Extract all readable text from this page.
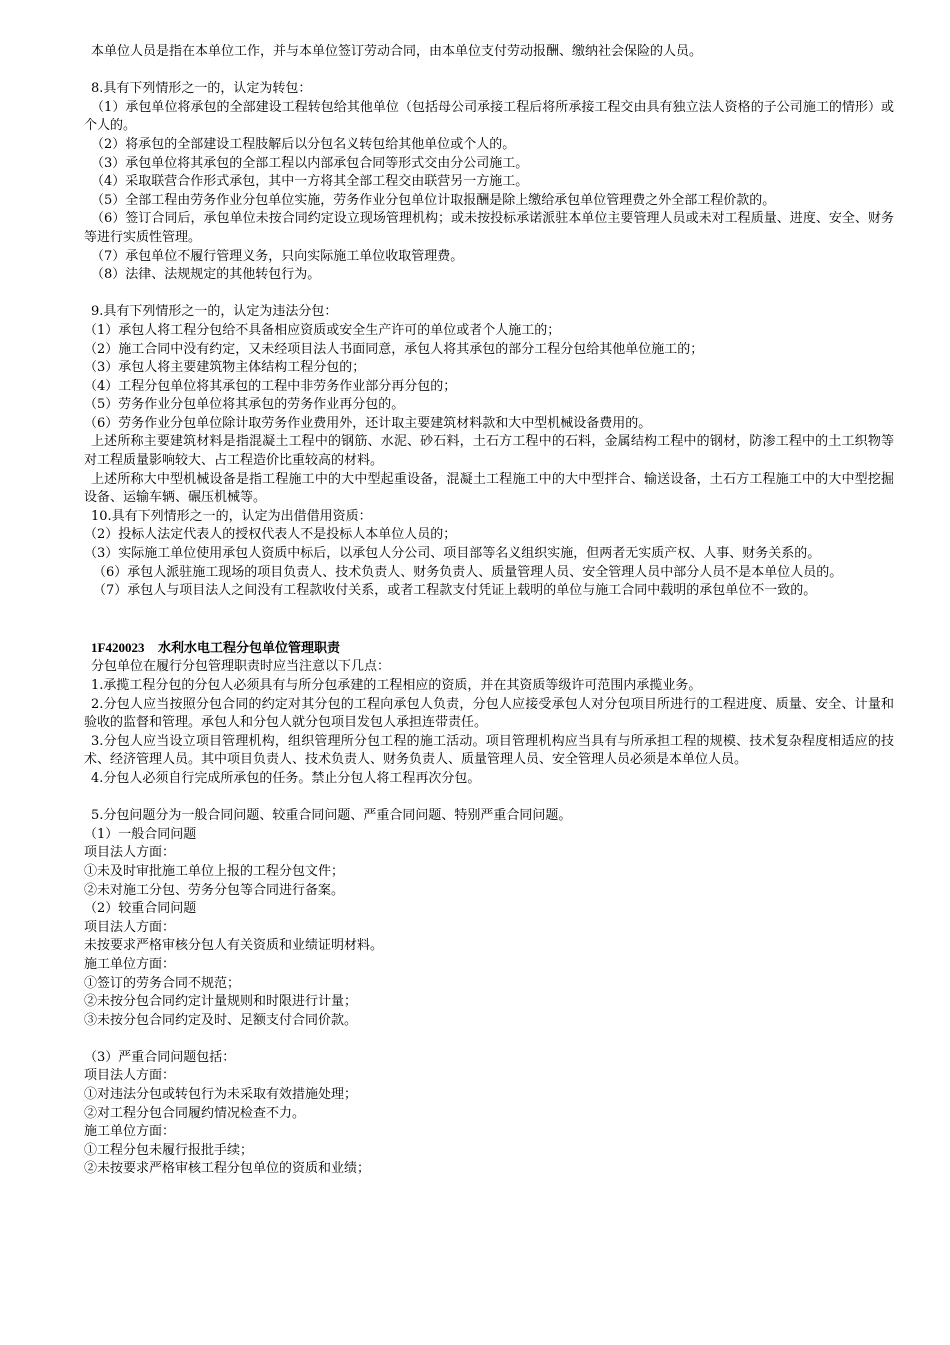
本单位人员是指在本单位工作，并与本单位签订劳动合同，由本单位支付劳动报酬、缴纳社会保险的人员。

8.具有下列情形之一的，认定为转包：

（1）承包单位将承包的全部建设工程转包给其他单位（包括母公司承接工程后将所承接工程交由具有独立法人资格的子公司施工的情形）或个人的。

（2）将承包的全部建设工程肢解后以分包名义转包给其他单位或个人的。

（3）承包单位将其承包的全部工程以内部承包合同等形式交由分公司施工。

（4）采取联营合作形式承包，其中一方将其全部工程交由联营另一方施工。

（5）全部工程由劳务作业分包单位实施，劳务作业分包单位计取报酬是除上缴给承包单位管理费之外全部工程价款的。

（6）签订合同后，承包单位未按合同约定设立现场管理机构；或未按投标承诺派驻本单位主要管理人员或未对工程质量、进度、安全、财务等进行实质性管理。

（7）承包单位不履行管理义务，只向实际施工单位收取管理费。

（8）法律、法规规定的其他转包行为。

9.具有下列情形之一的，认定为违法分包：

（1）承包人将工程分包给不具备相应资质或安全生产许可的单位或者个人施工的；

（2）施工合同中没有约定，又未经项目法人书面同意，承包人将其承包的部分工程分包给其他单位施工的；

（3）承包人将主要建筑物主体结构工程分包的；

（4）工程分包单位将其承包的工程中非劳务作业部分再分包的；

（5）劳务作业分包单位将其承包的劳务作业再分包的。

（6）劳务作业分包单位除计取劳务作业费用外，还计取主要建筑材料款和大中型机械设备费用的。

上述所称主要建筑材料是指混凝土工程中的钢筋、水泥、砂石料，土石方工程中的石料，金属结构工程中的钢材，防渗工程中的土工织物等对工程质量影响较大、占工程造价比重较高的材料。

上述所称大中型机械设备是指工程施工中的大中型起重设备，混凝土工程施工中的大中型拌合、输送设备，土石方工程施工中的大中型挖掘设备、运输车辆、碾压机械等。

10.具有下列情形之一的，认定为出借借用资质：

（2）投标人法定代表人的授权代表人不是投标人本单位人员的；

（3）实际施工单位使用承包人资质中标后，以承包人分公司、项目部等名义组织实施，但两者无实质产权、人事、财务关系的。

（6）承包人派驻施工现场的项目负责人、技术负责人、财务负责人、质量管理人员、安全管理人员中部分人员不是本单位人员的。

（7）承包人与项目法人之间没有工程款收付关系，或者工程款支付凭证上载明的单位与施工合同中载明的承包单位不一致的。

1F420023 水利水电工程分包单位管理职责

分包单位在履行分包管理职责时应当注意以下几点：

1.承揽工程分包的分包人必须具有与所分包承建的工程相应的资质，并在其资质等级许可范围内承揽业务。

2.分包人应当按照分包合同的约定对其分包的工程向承包人负责，分包人应接受承包人对分包项目所进行的工程进度、质量、安全、计量和验收的监督和管理。承包人和分包人就分包项目发包人承担连带责任。

3.分包人应当设立项目管理机构，组织管理所分包工程的施工活动。项目管理机构应当具有与所承担工程的规模、技术复杂程度相适应的技术、经济管理人员。其中项目负责人、技术负责人、财务负责人、质量管理人员、安全管理人员必须是本单位人员。

4.分包人必须自行完成所承包的任务。禁止分包人将工程再次分包。

5.分包问题分为一般合同问题、较重合同问题、严重合同问题、特别严重合同问题。

（1）一般合同问题

项目法人方面：

①未及时审批施工单位上报的工程分包文件；

②未对施工分包、劳务分包等合同进行备案。

（2）较重合同问题

项目法人方面：

未按要求严格审核分包人有关资质和业绩证明材料。

施工单位方面：

①签订的劳务合同不规范；

②未按分包合同约定计量规则和时限进行计量；

③未按分包合同约定及时、足额支付合同价款。

（3）严重合同问题包括：

项目法人方面：

①对违法分包或转包行为未采取有效措施处理；

②对工程分包合同履约情况检查不力。

施工单位方面：

①工程分包未履行报批手续；

②未按要求严格审核工程分包单位的资质和业绩；
